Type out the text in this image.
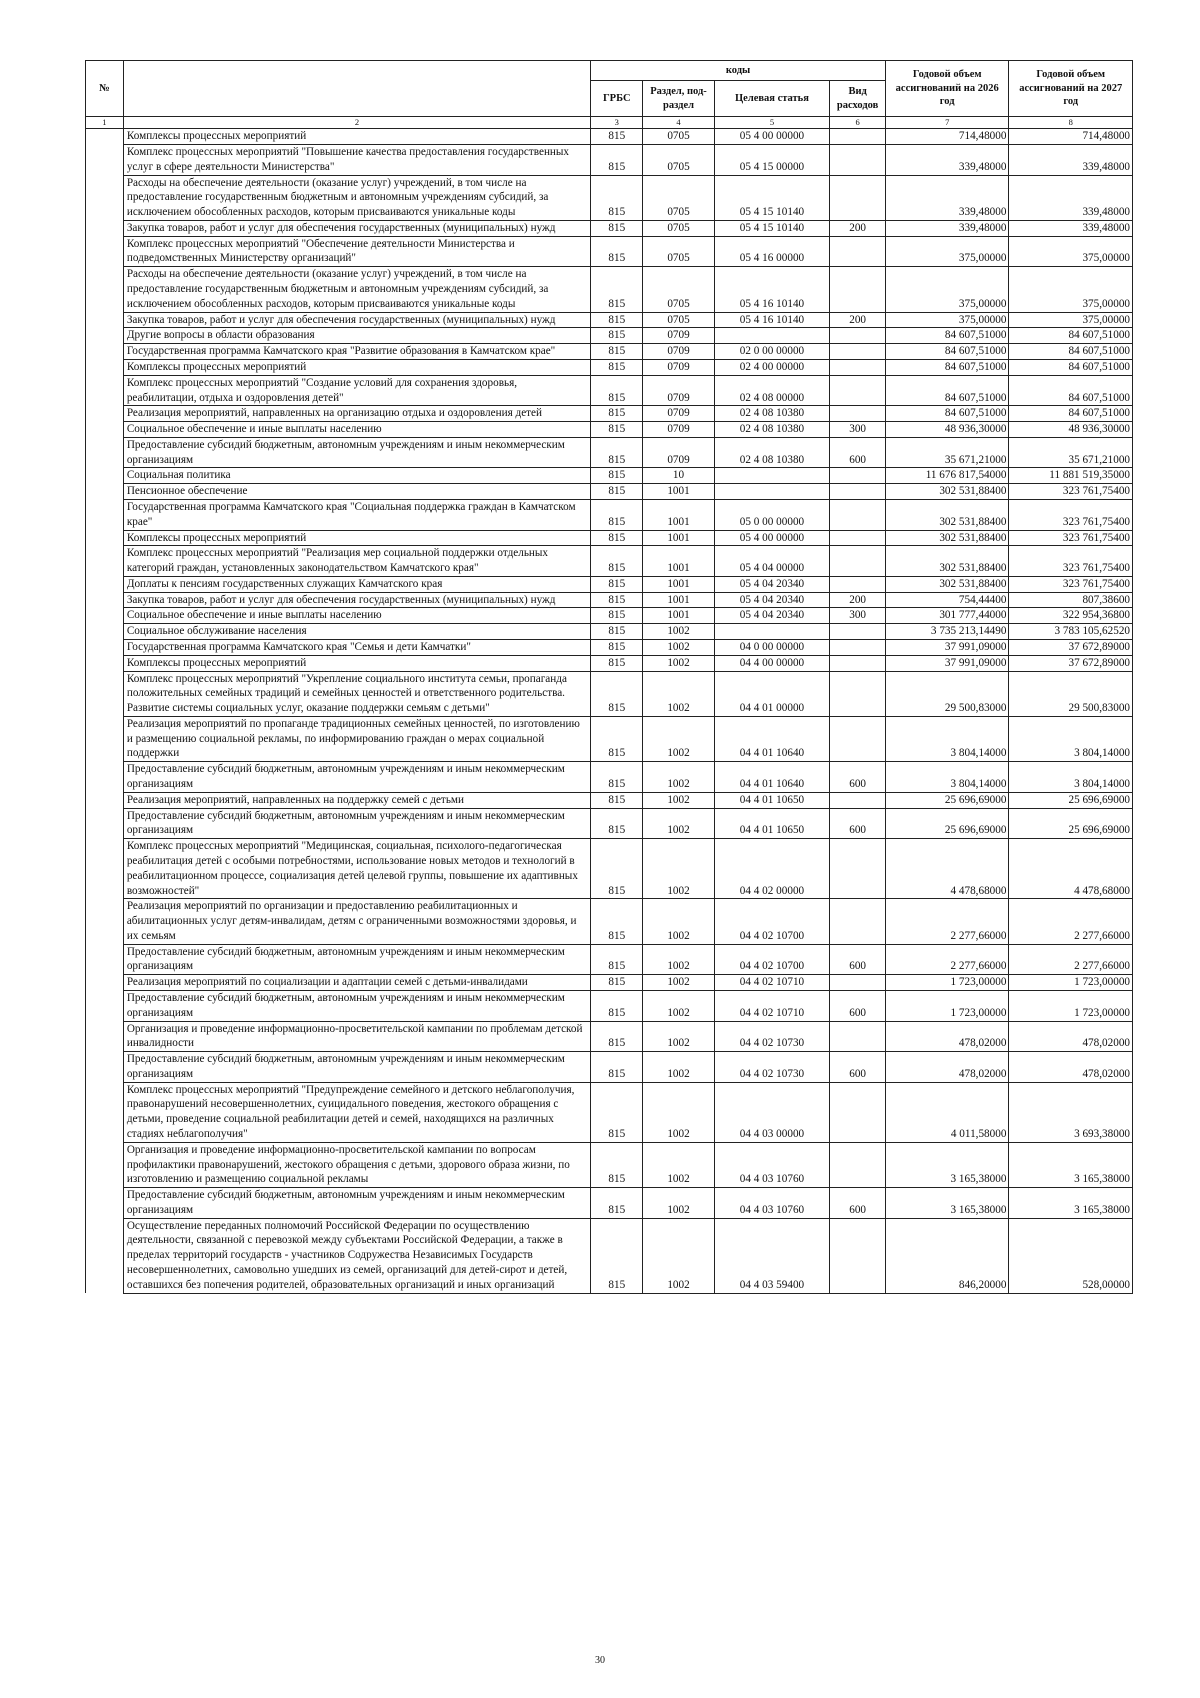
№		коды				Годовой объем ассигнований на 2026 год	Годовой объем ассигнований на 2027 год
		ГРБС	Раздел, под-раздел	Целевая статья	Вид расходов		
1	2	3	4	5	6	7	8
	Комплексы процессных мероприятий	815	0705	05 4 00 00000		714,48000	714,48000
	Комплекс процессных мероприятий "Повышение качества предоставления государственных услуг в сфере деятельности Министерства"	815	0705	05 4 15 00000		339,48000	339,48000
	Расходы на обеспечение деятельности (оказание услуг) учреждений, в том числе на предоставление государственным бюджетным и автономным учреждениям субсидий, за исключением обособленных расходов, которым присваиваются уникальные коды	815	0705	05 4 15 10140		339,48000	339,48000
	Закупка товаров, работ и услуг для обеспечения государственных (муниципальных) нужд	815	0705	05 4 15 10140	200	339,48000	339,48000
	Комплекс процессных мероприятий "Обеспечение деятельности Министерства и подведомственных Министерству организаций"	815	0705	05 4 16 00000		375,00000	375,00000
	Расходы на обеспечение деятельности (оказание услуг) учреждений, в том числе на предоставление государственным бюджетным и автономным учреждениям субсидий, за исключением обособленных расходов, которым присваиваются уникальные коды	815	0705	05 4 16 10140		375,00000	375,00000
	Закупка товаров, работ и услуг для обеспечения государственных (муниципальных) нужд	815	0705	05 4 16 10140	200	375,00000	375,00000
	Другие вопросы в области образования	815	0709			84 607,51000	84 607,51000
	Государственная программа Камчатского края "Развитие образования в Камчатском крае"	815	0709	02 0 00 00000		84 607,51000	84 607,51000
	Комплексы процессных мероприятий	815	0709	02 4 00 00000		84 607,51000	84 607,51000
	Комплекс процессных мероприятий "Создание условий для сохранения здоровья, реабилитации, отдыха и оздоровления детей"	815	0709	02 4 08 00000		84 607,51000	84 607,51000
	Реализация мероприятий, направленных на организацию отдыха и оздоровления детей	815	0709	02 4 08 10380		84 607,51000	84 607,51000
	Социальное обеспечение и иные выплаты населению	815	0709	02 4 08 10380	300	48 936,30000	48 936,30000
	Предоставление субсидий бюджетным, автономным учреждениям и иным некоммерческим организациям	815	0709	02 4 08 10380	600	35 671,21000	35 671,21000
	Социальная политика	815	10			11 676 817,54000	11 881 519,35000
	Пенсионное обеспечение	815	1001			302 531,88400	323 761,75400
	Государственная программа Камчатского края "Социальная поддержка граждан в Камчатском крае"	815	1001	05 0 00 00000		302 531,88400	323 761,75400
	Комплексы процессных мероприятий	815	1001	05 4 00 00000		302 531,88400	323 761,75400
	Комплекс процессных мероприятий "Реализация мер социальной поддержки отдельных категорий граждан, установленных законодательством Камчатского края"	815	1001	05 4 04 00000		302 531,88400	323 761,75400
	Доплаты к пенсиям государственных служащих Камчатского края	815	1001	05 4 04 20340		302 531,88400	323 761,75400
	Закупка товаров, работ и услуг для обеспечения государственных (муниципальных) нужд	815	1001	05 4 04 20340	200	754,44400	807,38600
	Социальное обеспечение и иные выплаты населению	815	1001	05 4 04 20340	300	301 777,44000	322 954,36800
	Социальное обслуживание населения	815	1002			3 735 213,14490	3 783 105,62520
	Государственная программа Камчатского края "Семья и дети Камчатки"	815	1002	04 0 00 00000		37 991,09000	37 672,89000
	Комплексы процессных мероприятий	815	1002	04 4 00 00000		37 991,09000	37 672,89000
	Комплекс процессных мероприятий "Укрепление социального института семьи, пропаганда положительных семейных традиций и семейных ценностей и ответственного родительства. Развитие системы социальных услуг, оказание поддержки семьям с детьми"	815	1002	04 4 01 00000		29 500,83000	29 500,83000
	Реализация мероприятий по пропаганде традиционных семейных ценностей, по изготовлению и размещению социальной рекламы, по информированию граждан о мерах социальной поддержки	815	1002	04 4 01 10640		3 804,14000	3 804,14000
	Предоставление субсидий бюджетным, автономным учреждениям и иным некоммерческим организациям	815	1002	04 4 01 10640	600	3 804,14000	3 804,14000
	Реализация мероприятий, направленных на поддержку семей с детьми	815	1002	04 4 01 10650		25 696,69000	25 696,69000
	Предоставление субсидий бюджетным, автономным учреждениям и иным некоммерческим организациям	815	1002	04 4 01 10650	600	25 696,69000	25 696,69000
	Комплекс процессных мероприятий "Медицинская, социальная, психолого-педагогическая реабилитация детей с особыми потребностями, использование новых методов и технологий в реабилитационном процессе, социализация детей целевой группы, повышение их адаптивных возможностей"	815	1002	04 4 02 00000		4 478,68000	4 478,68000
	Реализация мероприятий по организации и предоставлению реабилитационных и абилитационных услуг детям-инвалидам, детям с ограниченными возможностями здоровья, и их семьям	815	1002	04 4 02 10700		2 277,66000	2 277,66000
	Предоставление субсидий бюджетным, автономным учреждениям и иным некоммерческим организациям	815	1002	04 4 02 10700	600	2 277,66000	2 277,66000
	Реализация мероприятий по социализации и адаптации семей с детьми-инвалидами	815	1002	04 4 02 10710		1 723,00000	1 723,00000
	Предоставление субсидий бюджетным, автономным учреждениям и иным некоммерческим организациям	815	1002	04 4 02 10710	600	1 723,00000	1 723,00000
	Организация и проведение информационно-просветительской кампании по проблемам детской инвалидности	815	1002	04 4 02 10730		478,02000	478,02000
	Предоставление субсидий бюджетным, автономным учреждениям и иным некоммерческим организациям	815	1002	04 4 02 10730	600	478,02000	478,02000
	Комплекс процессных мероприятий "Предупреждение семейного и детского неблагополучия, правонарушений несовершеннолетних, суицидального поведения, жестокого обращения с детьми, проведение социальной реабилитации детей и семей, находящихся на различных стадиях неблагополучия"	815	1002	04 4 03 00000		4 011,58000	3 693,38000
	Организация и проведение информационно-просветительской кампании по вопросам профилактики правонарушений, жестокого обращения с детьми, здорового образа жизни, по изготовлению и размещению социальной рекламы	815	1002	04 4 03 10760		3 165,38000	3 165,38000
	Предоставление субсидий бюджетным, автономным учреждениям и иным некоммерческим организациям	815	1002	04 4 03 10760	600	3 165,38000	3 165,38000
	Осуществление переданных полномочий Российской Федерации по осуществлению деятельности, связанной с перевозкой между субъектами Российской Федерации, а также в пределах территорий государств - участников Содружества Независимых Государств несовершеннолетних, самовольно ушедших из семей, организаций для детей-сирот и детей, оставшихся без попечения родителей, образовательных организаций и иных организаций	815	1002	04 4 03 59400		846,20000	528,00000
30
